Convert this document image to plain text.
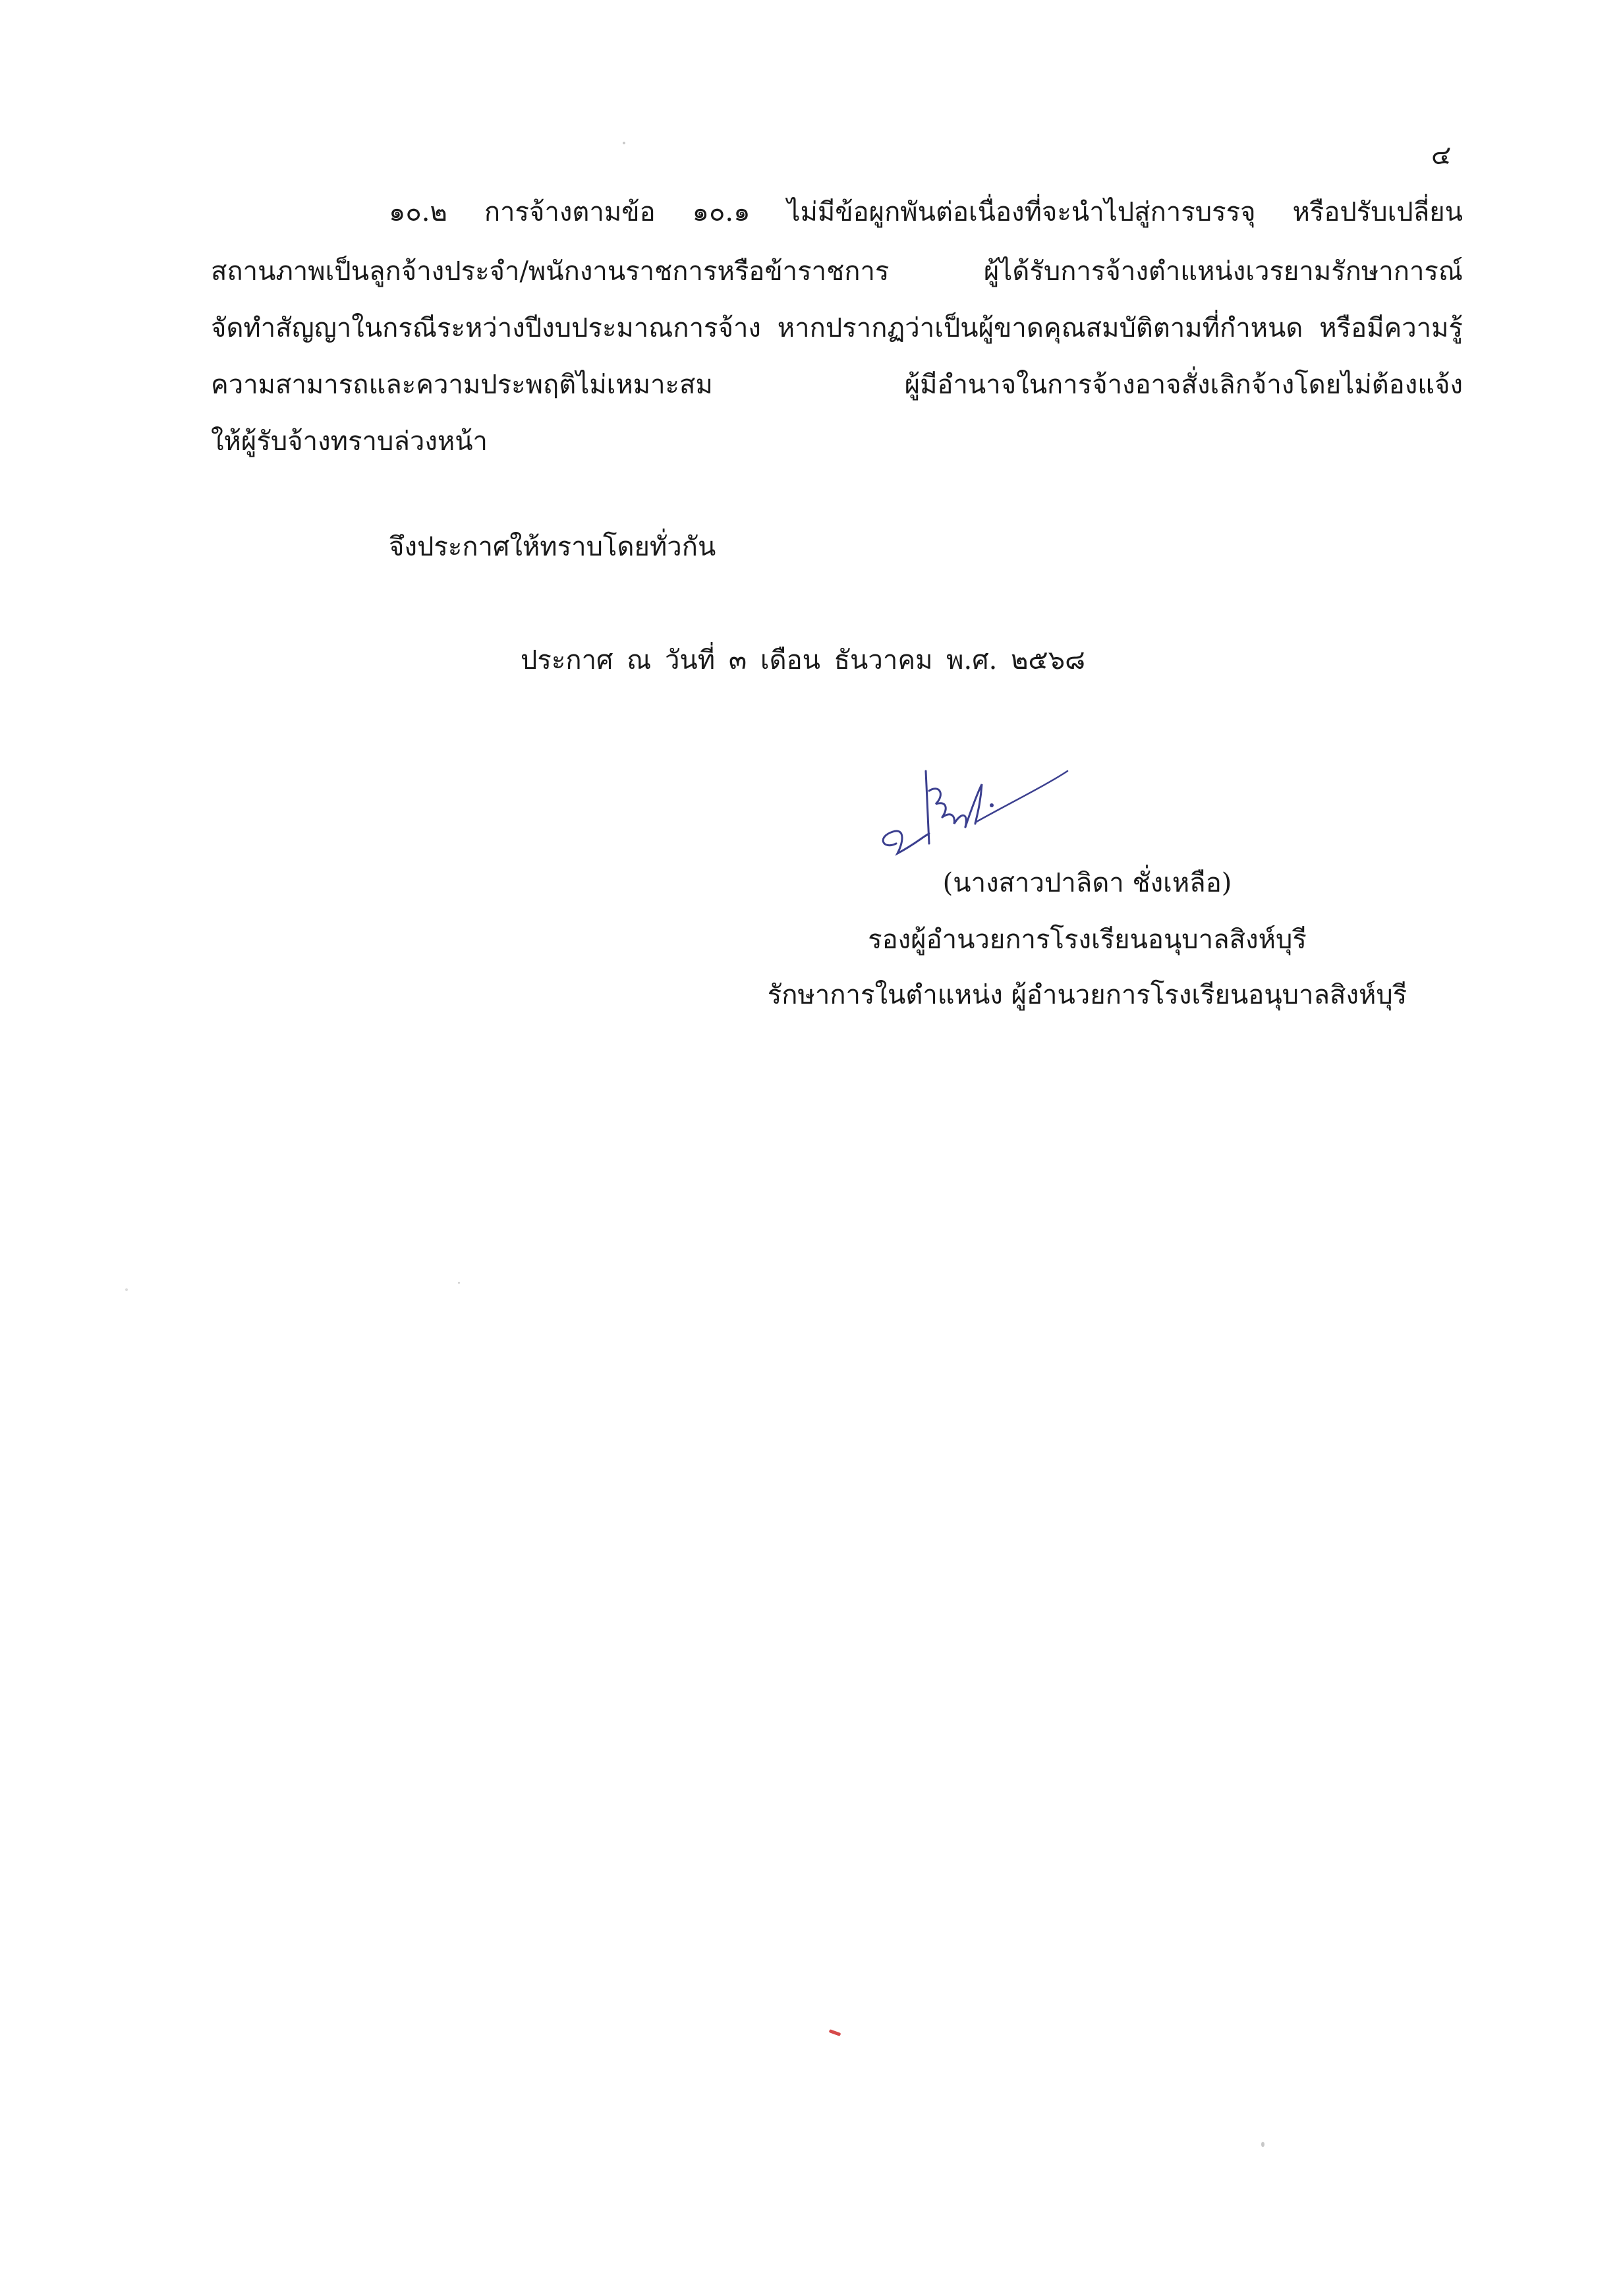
๔
๑๐.๒ การจ้างตามข้อ ๑๐.๑ ไม่มีข้อผูกพันต่อเนื่องที่จะนำไปสู่การบรรจุ หรือปรับเปลี่ยน
สถานภาพเป็นลูกจ้างประจำ/พนักงานราชการหรือข้าราชการ ผู้ได้รับการจ้างตำแหน่งเวรยามรักษาการณ์
จัดทำสัญญาในกรณีระหว่างปีงบประมาณการจ้าง หากปรากฏว่าเป็นผู้ขาดคุณสมบัติตามที่กำหนด หรือมีความรู้
ความสามารถและความประพฤติไม่เหมาะสม ผู้มีอำนาจในการจ้างอาจสั่งเลิกจ้างโดยไม่ต้องแจ้ง
ให้ผู้รับจ้างทราบล่วงหน้า
จึงประกาศให้ทราบโดยทั่วกัน
ประกาศ ณ วันที่ ๓ เดือน ธันวาคม พ.ศ. ๒๕๖๘
(นางสาวปาลิดา ชั่งเหลือ)
รองผู้อำนวยการโรงเรียนอนุบาลสิงห์บุรี
รักษาการในตำแหน่ง ผู้อำนวยการโรงเรียนอนุบาลสิงห์บุรี
